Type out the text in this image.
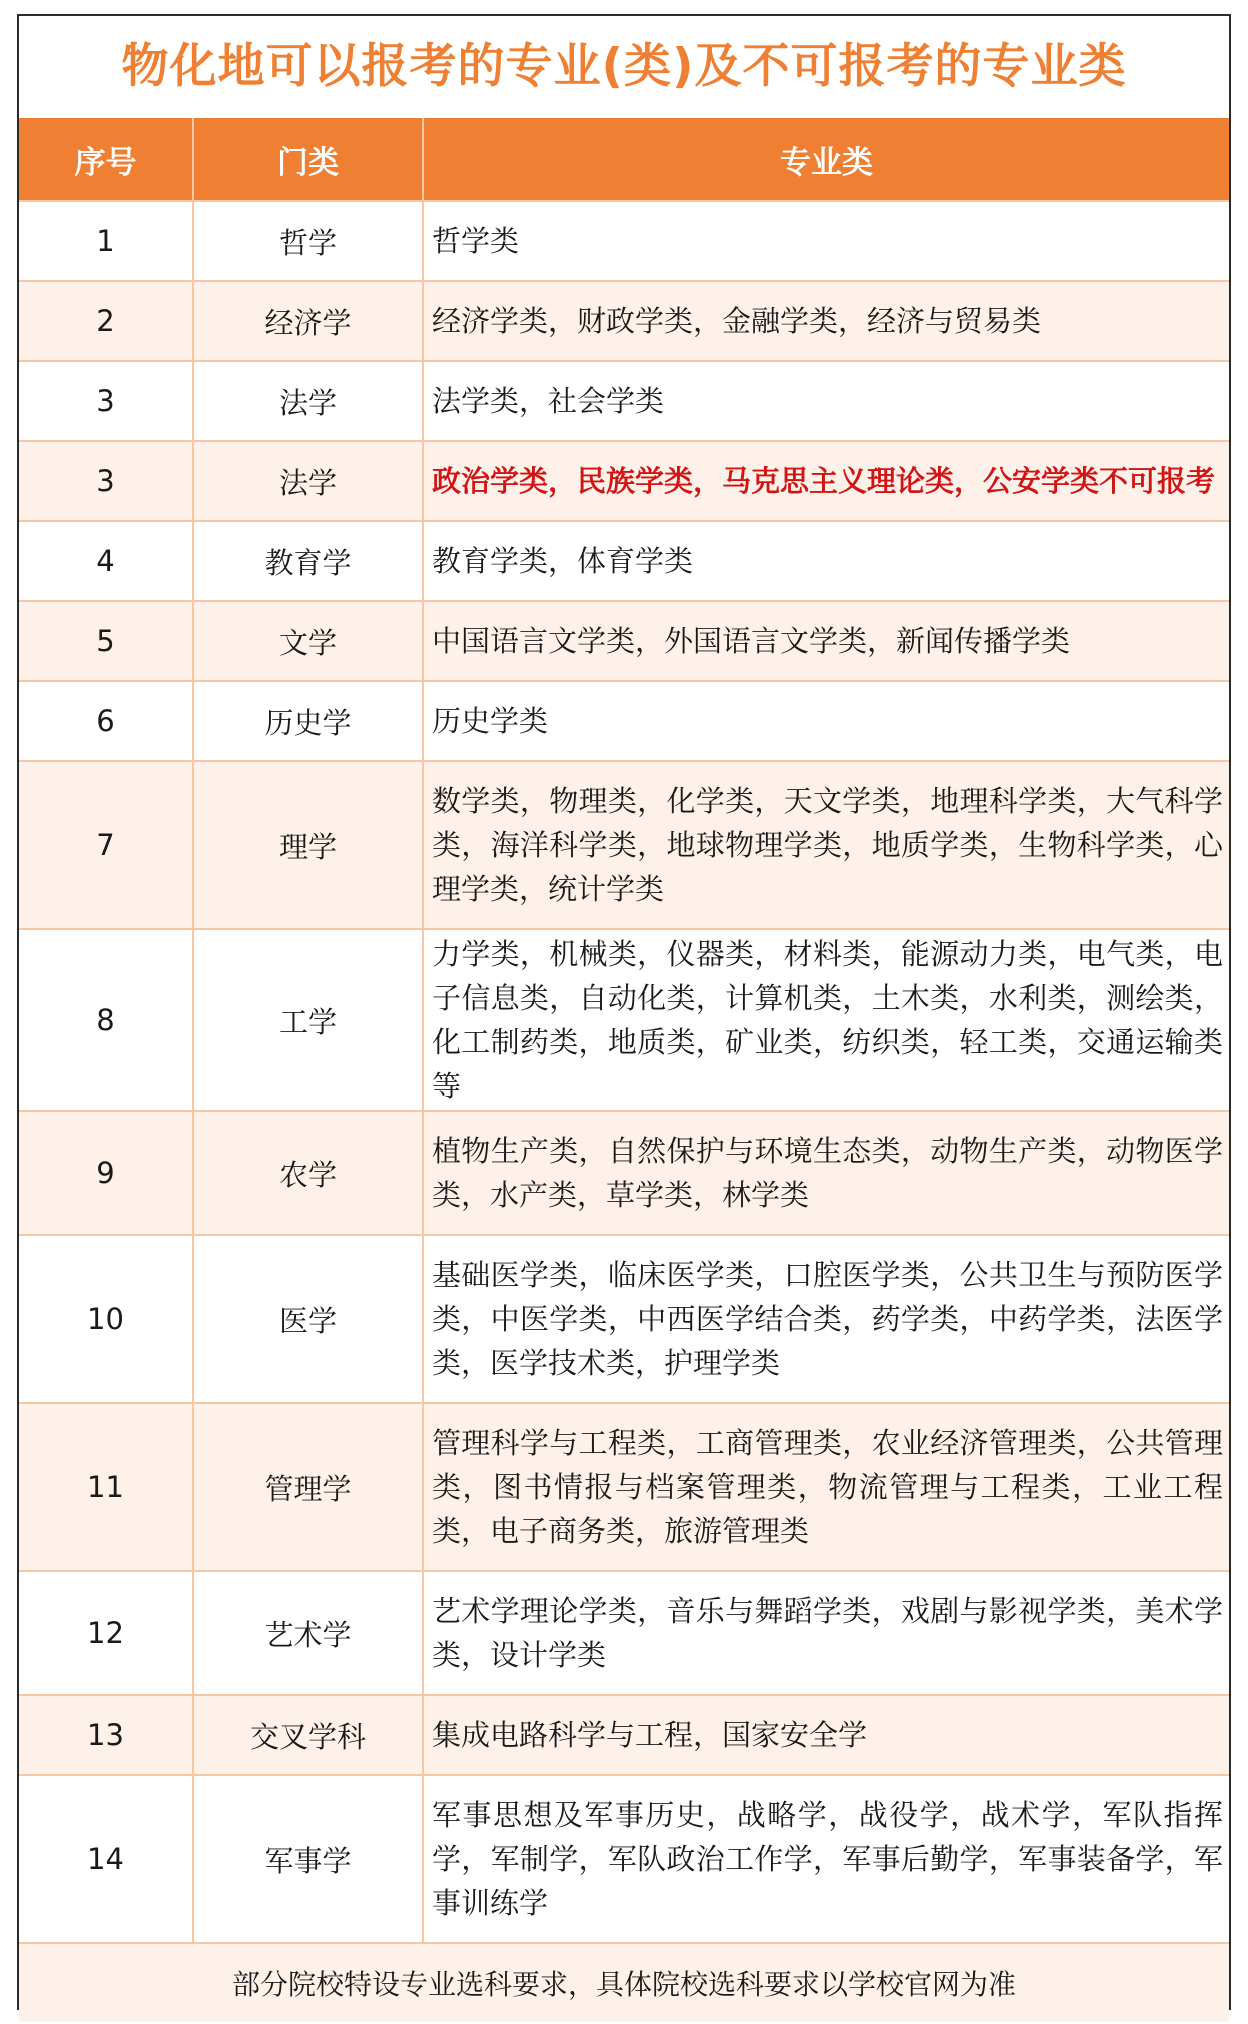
物化地可以报考的专业(类)及不可报考的专业类
序号	门类	专业类
1	哲学	哲学类
2	经济学	经济学类，财政学类，金融学类，经济与贸易类
3	法学	法学类，社会学类
3	法学	政治学类，民族学类，马克思主义理论类，公安学类不可报考
4	教育学	教育学类，体育学类
5	文学	中国语言文学类，外国语言文学类，新闻传播学类
6	历史学	历史学类
7	理学	数学类，物理类，化学类，天文学类，地理科学类，大气科学类，海洋科学类，地球物理学类，地质学类，生物科学类，心理学类，统计学类
8	工学	力学类，机械类，仪器类，材料类，能源动力类，电气类，电子信息类，自动化类，计算机类，土木类，水利类，测绘类，化工制药类，地质类，矿业类，纺织类，轻工类，交通运输类等
9	农学	植物生产类，自然保护与环境生态类，动物生产类，动物医学类，水产类，草学类，林学类
10	医学	基础医学类，临床医学类，口腔医学类，公共卫生与预防医学类，中医学类，中西医学结合类，药学类，中药学类，法医学类，医学技术类，护理学类
11	管理学	管理科学与工程类，工商管理类，农业经济管理类，公共管理类，图书情报与档案管理类，物流管理与工程类，工业工程类，电子商务类，旅游管理类
12	艺术学	艺术学理论学类，音乐与舞蹈学类，戏剧与影视学类，美术学类，设计学类
13	交叉学科	集成电路科学与工程，国家安全学
14	军事学	军事思想及军事历史，战略学，战役学，战术学，军队指挥学，军制学，军队政治工作学，军事后勤学，军事装备学，军事训练学
部分院校特设专业选科要求，具体院校选科要求以学校官网为准		
